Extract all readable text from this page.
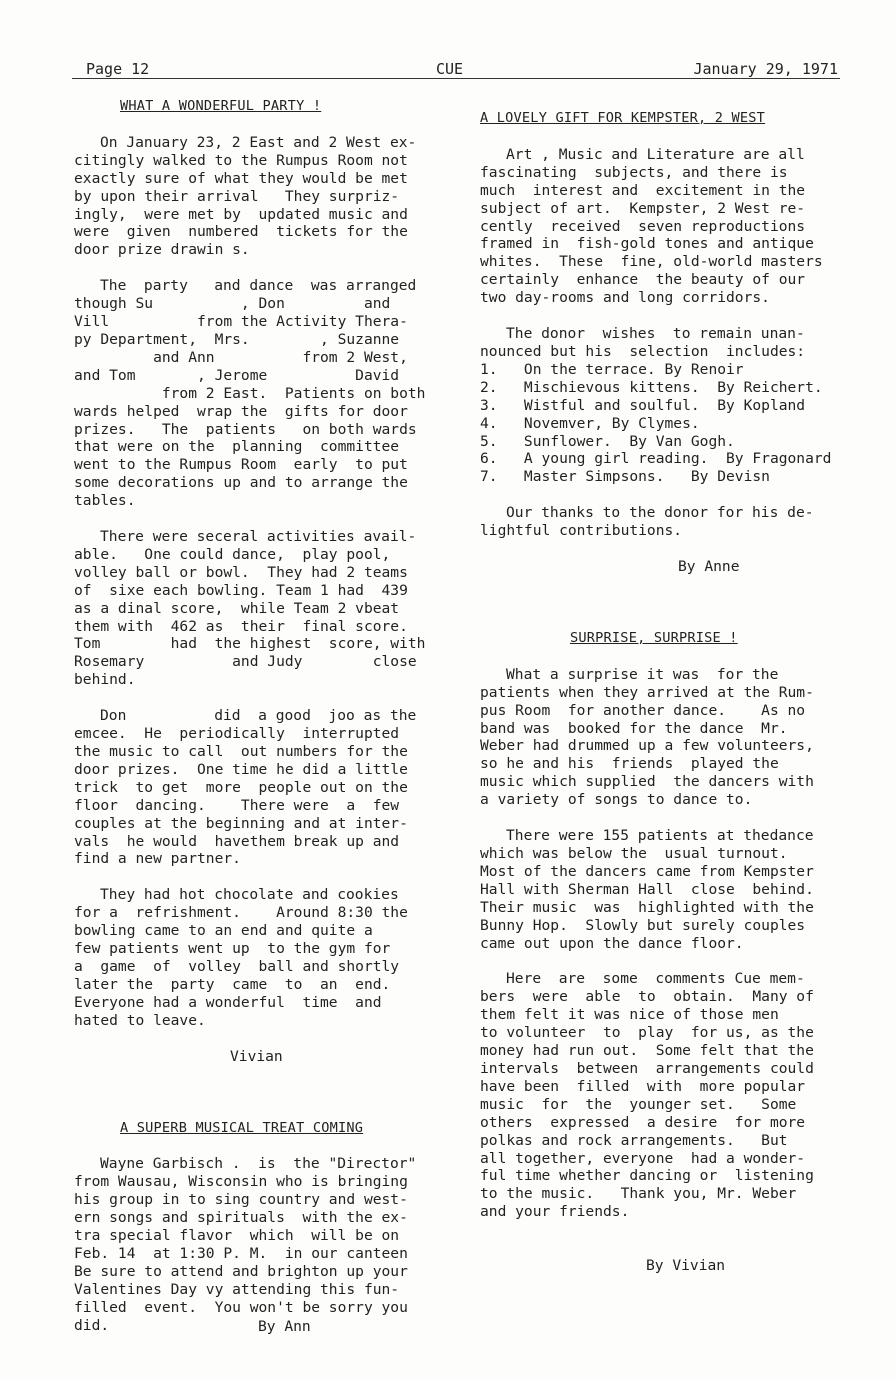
Page 12	CUE	January 29, 1971
WHAT A WONDERFUL PARTY !

On January 23, 2 East and 2 West ex-
citingly walked to the Rumpus Room not
exactly sure of what they would be met
by upon their arrival   They surpriz-
ingly,  were met by  updated music and
were  given  numbered  tickets for the
door prize drawin s.

The  party   and dance  was arranged
though Su          , Don         and
Vill          from the Activity Thera-
py Department,  Mrs.        , Suzanne
and Ann          from 2 West,
and Tom       , Jerome          David
from 2 East.  Patients on both
wards helped  wrap the  gifts for door
prizes.   The  patients   on both wards
that were on the  planning  committee
went to the Rumpus Room  early  to put
some decorations up and to arrange the
tables.

There were seceral activities avail-
able.   One could dance,  play pool,
volley ball or bowl.  They had 2 teams
of  sixe each bowling. Team 1 had  439
as a dinal score,  while Team 2 vbeat
them with  462 as  their  final score.
Tom        had  the highest  score, with
Rosemary          and Judy        close
behind.

Don          did  a good  joo as the
emcee.  He  periodically  interrupted
the music to call  out numbers for the
door prizes.  One time he did a little
trick  to get  more  people out on the
floor  dancing.    There were  a  few
couples at the beginning and at inter-
vals  he would  havethem break up and
find a new partner.

They had hot chocolate and cookies
for a  refrishment.    Around 8:30 the
bowling came to an end and quite a
few patients went up  to the gym for
a  game  of  volley  ball and shortly
later the  party  came  to  an  end.
Everyone had a wonderful  time  and
hated to leave.

Vivian
A SUPERB MUSICAL TREAT COMING

Wayne Garbisch .  is  the "Director"
from Wausau, Wisconsin who is bringing
his group in to sing country and west-
ern songs and spirituals  with the ex-
tra special flavor  which  will be on
Feb. 14  at 1:30 P. M.  in our canteen
Be sure to attend and brighton up your
Valentines Day vy attending this fun-
filled  event.  You won't be sorry you
did.	By Ann
A LOVELY GIFT FOR KEMPSTER, 2 WEST

Art , Music and Literature are all
fascinating  subjects, and there is
much  interest and  excitement in the
subject of art.  Kempster, 2 West re-
cently  received  seven reproductions
framed in  fish-gold tones and antique
whites.  These  fine, old-world masters
certainly  enhance  the beauty of our
two day-rooms and long corridors.

The donor  wishes  to remain unan-
nounced but his  selection  includes:

1.   On the terrace. By Renoir
2.   Mischievous kittens.  By Reichert.
3.   Wistful and soulful.  By Kopland
4.   Novemver, By Clymes.
5.   Sunflower.  By Van Gogh.
6.   A young girl reading.  By Fragonard
7.   Master Simpsons.   By Devisn

Our thanks to the donor for his de-
lightful contributions.

By Anne
SURPRISE, SURPRISE !

What a surprise it was  for the
patients when they arrived at the Rum-
pus Room  for another dance.    As no
band was  booked for the dance  Mr.
Weber had drummed up a few volunteers,
so he and his  friends  played the
music which supplied  the dancers with
a variety of songs to dance to.

There were 155 patients at thedance
which was below the  usual turnout.
Most of the dancers came from Kempster
Hall with Sherman Hall  close  behind.
Their music  was  highlighted with the
Bunny Hop.  Slowly but surely couples
came out upon the dance floor.

Here  are  some  comments Cue mem-
bers  were  able  to  obtain.  Many of
them felt it was nice of those men
to volunteer  to  play  for us, as the
money had run out.  Some felt that the
intervals  between  arrangements could
have been  filled  with  more popular
music  for  the  younger set.   Some
others  expressed  a desire  for more
polkas and rock arrangements.   But
all together, everyone  had a wonder-
ful time whether dancing or  listening
to the music.   Thank you, Mr. Weber
and your friends.

By Vivian
